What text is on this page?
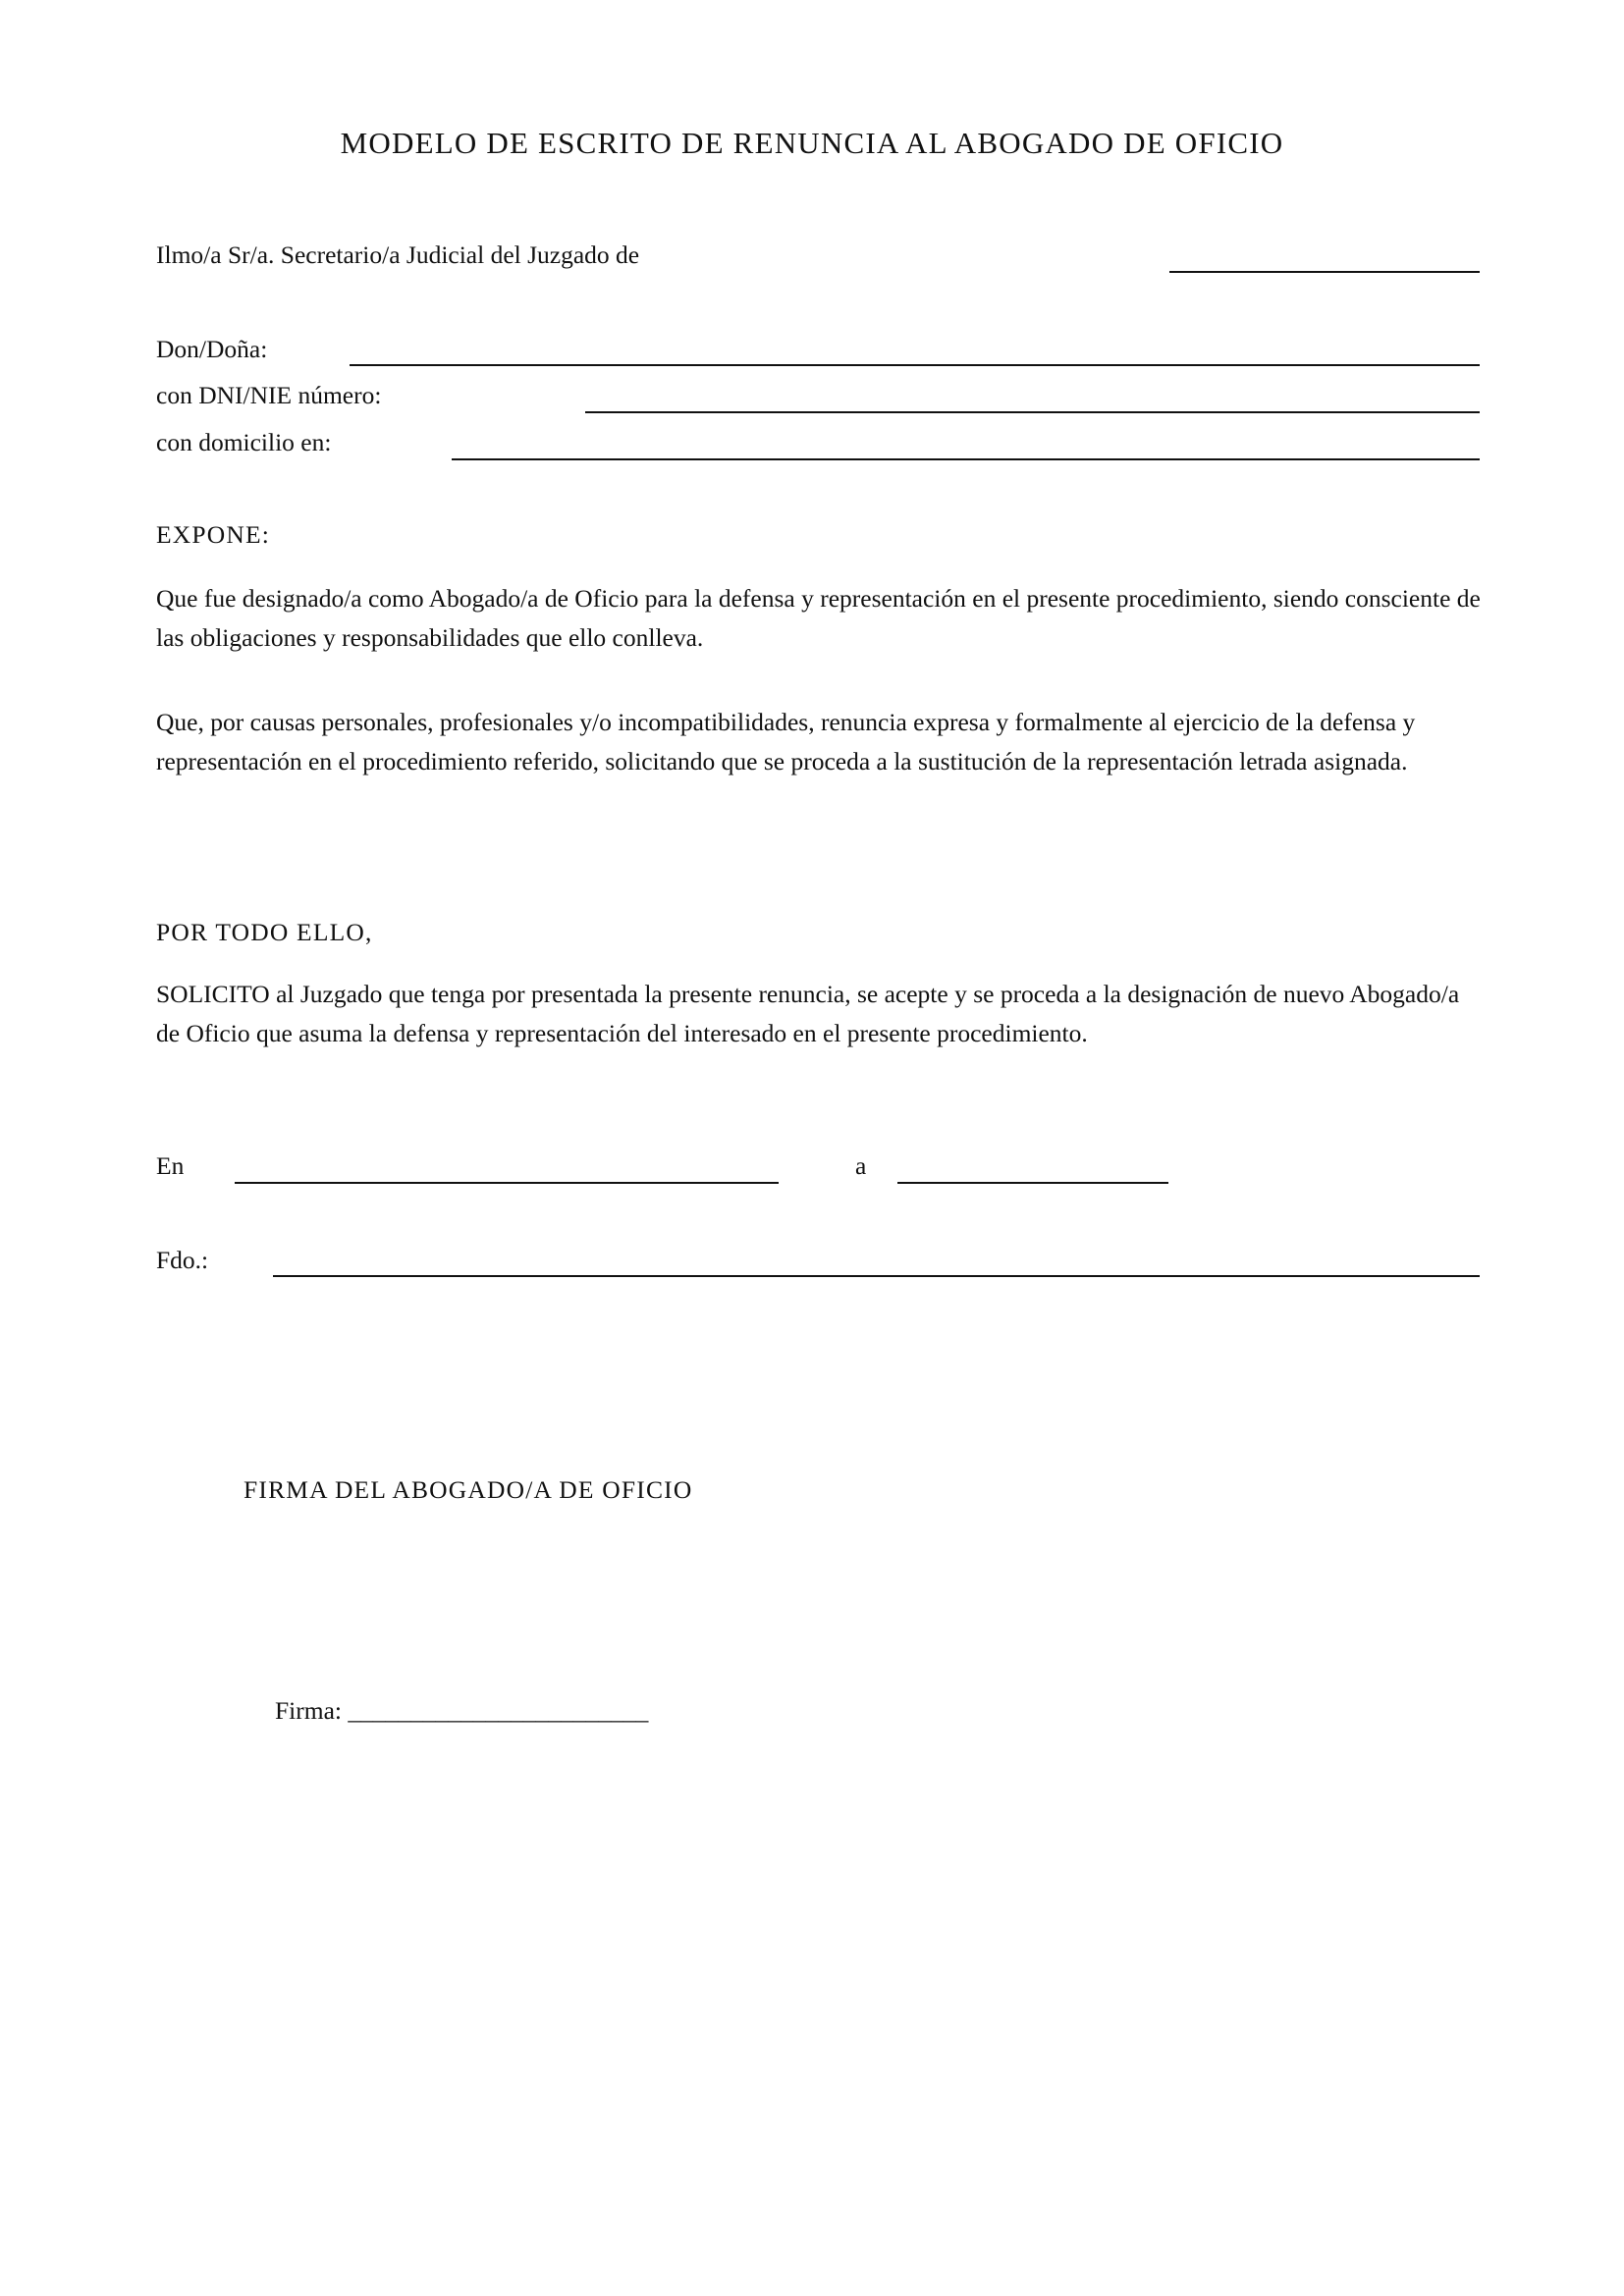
MODELO DE ESCRITO DE RENUNCIA AL ABOGADO DE OFICIO
Ilmo/a Sr/a. Secretario/a Judicial del Juzgado de
Don/Doña:
con DNI/NIE número:
con domicilio en:
EXPONE:
Que fue designado/a como Abogado/a de Oficio para la defensa y representación en el presente procedimiento, siendo consciente de las obligaciones y responsabilidades que ello conlleva.
Que, por causas personales, profesionales y/o incompatibilidades, renuncia expresa y formalmente al ejercicio de la defensa y representación en el procedimiento referido, solicitando que se proceda a la sustitución de la representación letrada asignada.
POR TODO ELLO,
SOLICITO al Juzgado que tenga por presentada la presente renuncia, se acepte y se proceda a la designación de nuevo Abogado/a de Oficio que asuma la defensa y representación del interesado en el presente procedimiento.
En	a
Fdo.:
FIRMA DEL ABOGADO/A DE OFICIO
Firma: ________________________
